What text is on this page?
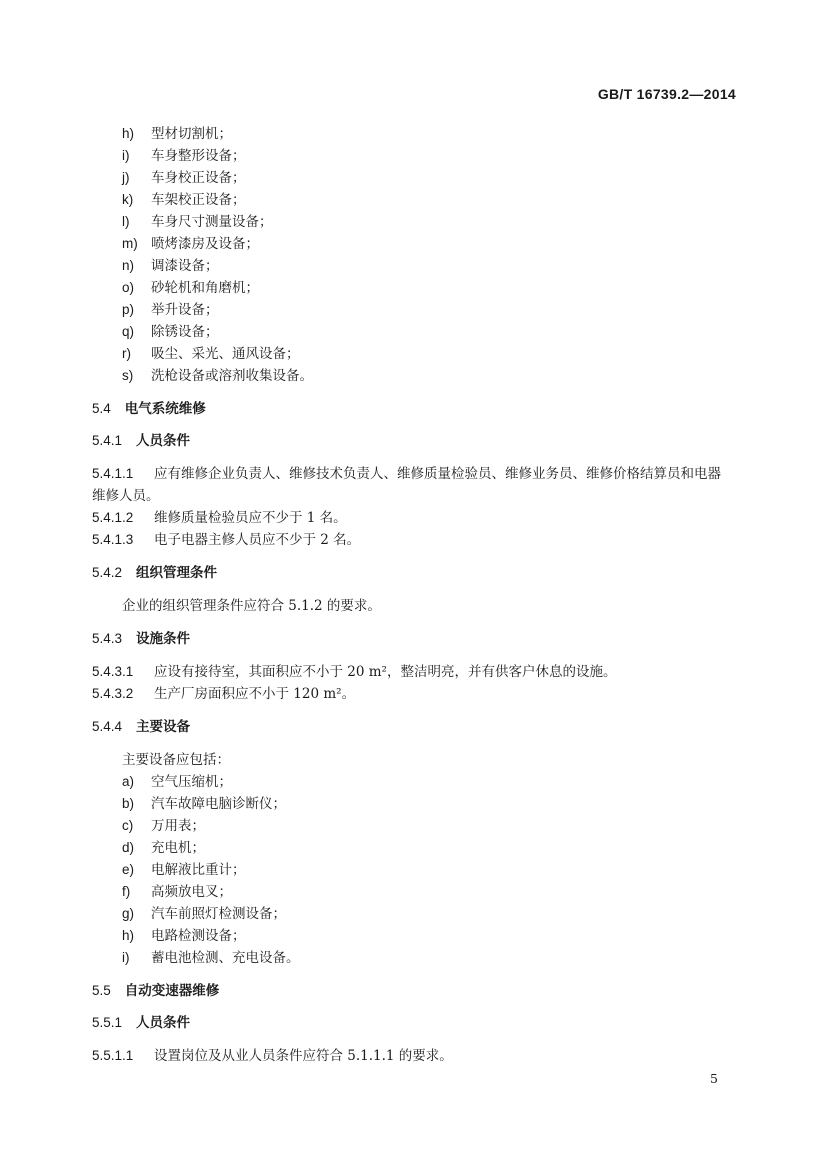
GB/T 16739.2—2014
h) 型材切割机；
i) 车身整形设备；
j) 车身校正设备；
k) 车架校正设备；
l) 车身尺寸测量设备；
m) 喷烤漆房及设备；
n) 调漆设备；
o) 砂轮机和角磨机；
p) 举升设备；
q) 除锈设备；
r) 吸尘、采光、通风设备；
s) 洗枪设备或溶剂收集设备。
5.4 电气系统维修
5.4.1 人员条件
5.4.1.1 应有维修企业负责人、维修技术负责人、维修质量检验员、维修业务员、维修价格结算员和电器
维修人员。
5.4.1.2 维修质量检验员应不少于 1 名。
5.4.1.3 电子电器主修人员应不少于 2 名。
5.4.2 组织管理条件
企业的组织管理条件应符合 5.1.2 的要求。
5.4.3 设施条件
5.4.3.1 应设有接待室，其面积应不小于 20 m²，整洁明亮，并有供客户休息的设施。
5.4.3.2 生产厂房面积应不小于 120 m²。
5.4.4 主要设备
主要设备应包括：
a) 空气压缩机；
b) 汽车故障电脑诊断仪；
c) 万用表；
d) 充电机；
e) 电解液比重计；
f) 高频放电叉；
g) 汽车前照灯检测设备；
h) 电路检测设备；
i) 蓄电池检测、充电设备。
5.5 自动变速器维修
5.5.1 人员条件
5.5.1.1 设置岗位及从业人员条件应符合 5.1.1.1 的要求。
5
